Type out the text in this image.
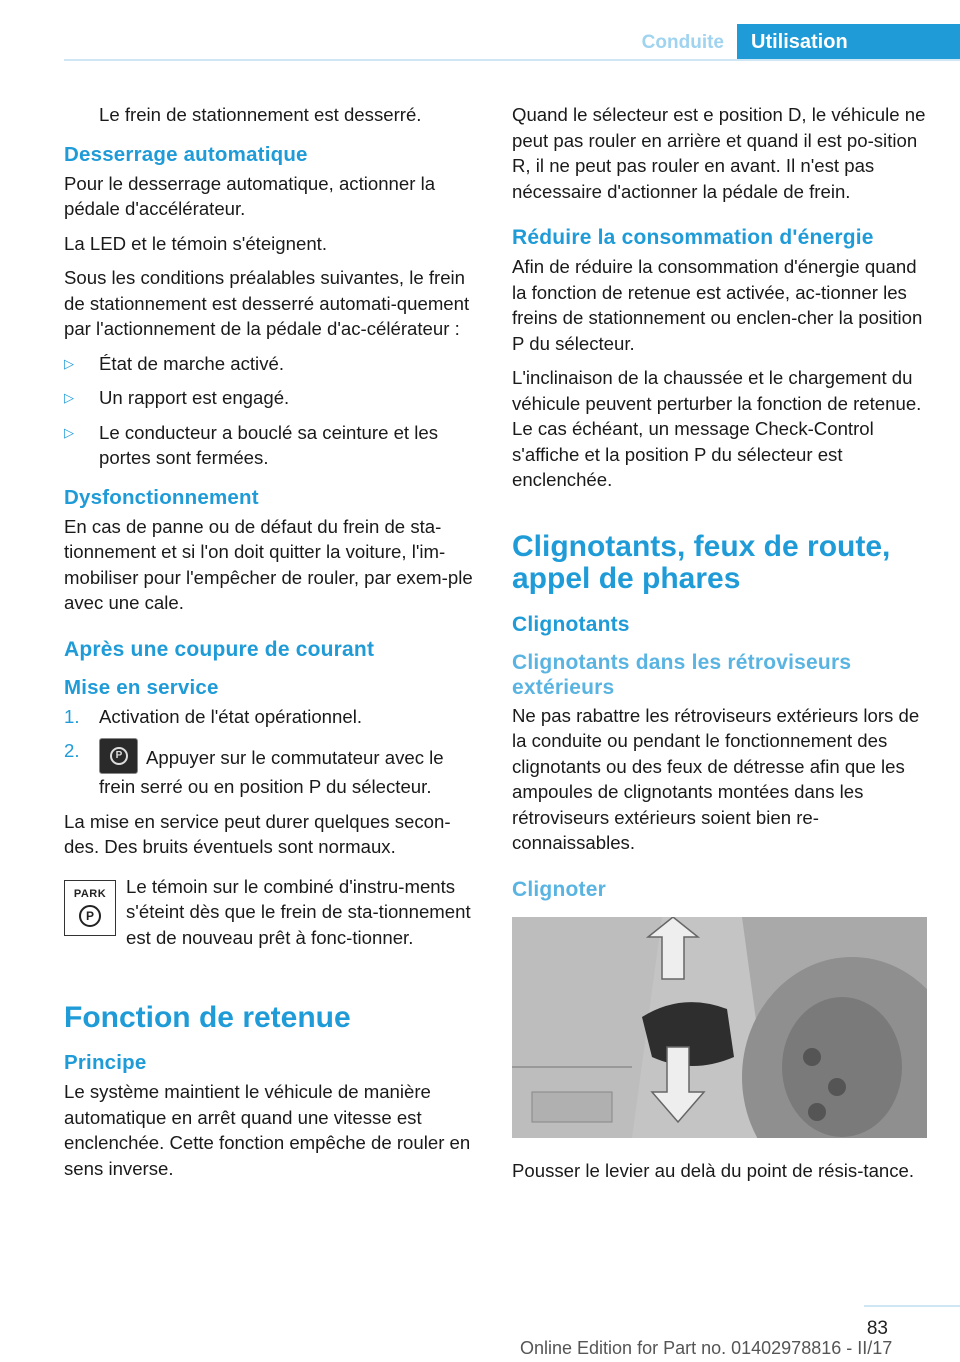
Conduite	Utilisation

Le frein de stationnement est desserré.

Desserrage automatique

Pour le desserrage automatique, actionner la pédale d'accélérateur.

La LED et le témoin s'éteignent.

Sous les conditions préalables suivantes, le frein de stationnement est desserré automati-quement par l'actionnement de la pédale d'ac-célérateur :

▷ État de marche activé.
▷ Un rapport est engagé.
▷ Le conducteur a bouclé sa ceinture et les portes sont fermées.
Dysfonctionnement

En cas de panne ou de défaut du frein de sta-tionnement et si l'on doit quitter la voiture, l'im-mobiliser pour l'empêcher de rouler, par exem-ple avec une cale.

Après une coupure de courant
Mise en service
1. Activation de l'état opérationnel.
2.	P	Appuyer sur le commutateur avec le frein serré ou en position P du sélecteur.

La mise en service peut durer quelques secon-des. Des bruits éventuels sont normaux.

PARK
P

Le témoin sur le combiné d'instru-ments s'éteint dès que le frein de sta-tionnement est de nouveau prêt à fonc-tionner.

Fonction de retenue
Principe

Le système maintient le véhicule de manière automatique en arrêt quand une vitesse est enclenchée. Cette fonction empêche de rouler en sens inverse.

Quand le sélecteur est e position D, le véhicule ne peut pas rouler en arrière et quand il est po-sition R, il ne peut pas rouler en avant. Il n'est pas nécessaire d'actionner la pédale de frein.

Réduire la consommation d'énergie

Afin de réduire la consommation d'énergie quand la fonction de retenue est activée, ac-tionner les freins de stationnement ou enclen-cher la position P du sélecteur.

L'inclinaison de la chaussée et le chargement du véhicule peuvent perturber la fonction de retenue. Le cas échéant, un message Check-Control s'affiche et la position P du sélecteur est enclenchée.

Clignotants, feux de route, appel de phares
Clignotants
Clignotants dans les rétroviseurs extérieurs

Ne pas rabattre les rétroviseurs extérieurs lors de la conduite ou pendant le fonctionnement des clignotants ou des feux de détresse afin que les ampoules de clignotants montées dans les rétroviseurs extérieurs soient bien re-connaissables.

Clignoter

Pousser le levier au delà du point de résis-tance.

83
Online Edition for Part no. 01402978816 - II/17
